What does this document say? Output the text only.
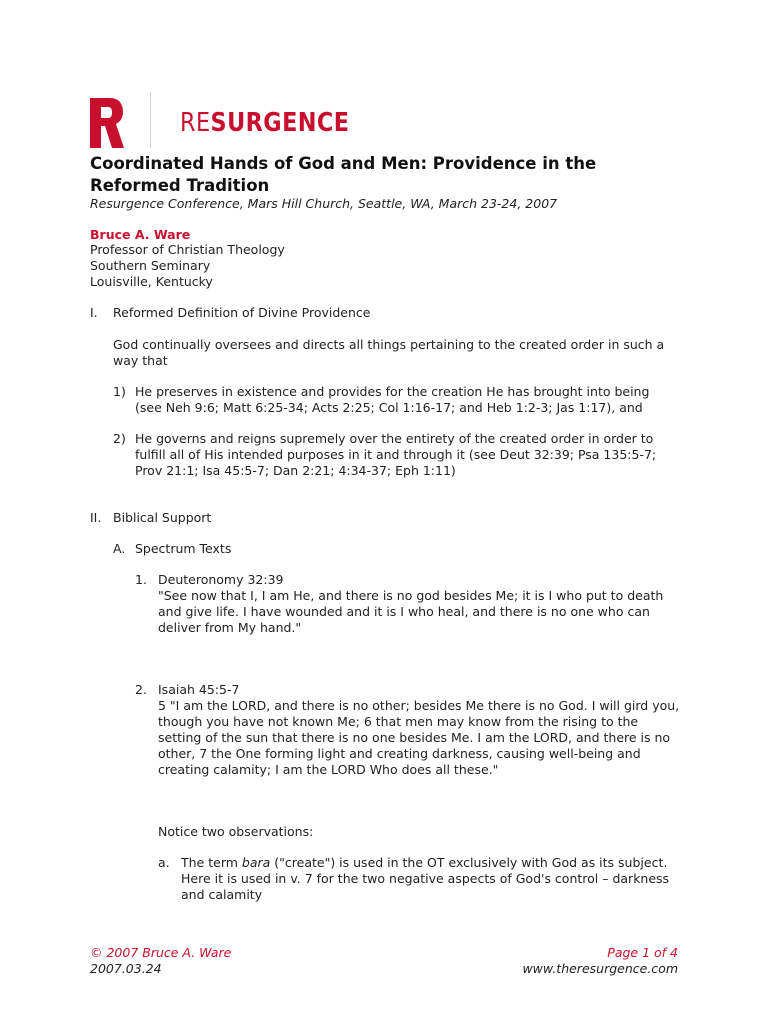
RESURGENCE
Coordinated Hands of God and Men: Providence in the Reformed Tradition
Resurgence Conference, Mars Hill Church, Seattle, WA, March 23-24, 2007
Bruce A. Ware
Professor of Christian Theology
Southern Seminary
Louisville, Kentucky
I. Reformed Definition of Divine Providence
God continually oversees and directs all things pertaining to the created order in such a way that
1) He preserves in existence and provides for the creation He has brought into being (see Neh 9:6; Matt 6:25-34; Acts 2:25; Col 1:16-17; and Heb 1:2-3; Jas 1:17), and
2) He governs and reigns supremely over the entirety of the created order in order to fulfill all of His intended purposes in it and through it (see Deut 32:39; Psa 135:5-7; Prov 21:1; Isa 45:5-7; Dan 2:21; 4:34-37; Eph 1:11)
II. Biblical Support
A. Spectrum Texts
1. Deuteronomy 32:39
"See now that I, I am He, and there is no god besides Me; it is I who put to death and give life. I have wounded and it is I who heal, and there is no one who can deliver from My hand."
2. Isaiah 45:5-7
5 "I am the LORD, and there is no other; besides Me there is no God. I will gird you, though you have not known Me; 6 that men may know from the rising to the setting of the sun that there is no one besides Me. I am the LORD, and there is no other, 7 the One forming light and creating darkness, causing well-being and creating calamity; I am the LORD Who does all these."
Notice two observations:
a. The term bara ("create") is used in the OT exclusively with God as its subject. Here it is used in v. 7 for the two negative aspects of God's control – darkness and calamity
© 2007 Bruce A. Ware
2007.03.24
Page 1 of 4
www.theresurgence.com
